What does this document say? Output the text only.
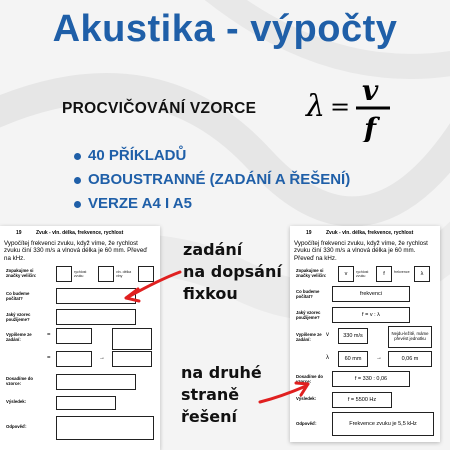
Akustika - výpočty
PROCVIČOVÁNÍ VZORCE λ = v
f
40 PŘÍKLADŮ
OBOUSTRANNÉ (ZADÁNÍ A ŘEŠENÍ)
VERZE A4 I A5
19	Zvuk - vln. délka, frekvence, rychlost
Vypočítej frekvenci zvuku, když víme, že rychlost zvuku činí 330 m/s a vlnová délka je 60 mm. Převeď na kHz.
Zopakujme si značky veličin:
rychlost zvuku
vln. délka vlny
Co budeme počítat?
Jaký vzorec použijeme?
Vypíšeme ze zadání:
=
=	→
Dosadíme do vzorce:
Výsledek:
Odpověď:
19	Zvuk - vln. délka, frekvence, rychlost
Vypočítej frekvenci zvuku, když víme, že rychlost zvuku činí 330 m/s a vlnová délka je 60 mm. Převeď na kHz.
Zopakujme si značky veličin:	v	rychlost zvuku	f	frekvence	λ
Co budeme počítat?	frekvenci
Jaký vzorec použijeme?	f = v : λ
Vypíšeme ze zadání:
v	330 m/s	Nejdu-ležitě, máme převést jednotku
λ	60 mm	→	0,06 m
Dosadíme do vzorce:	f = 330 : 0,06
Výsledek:	f = 5500 Hz
Odpověď:	Frekvence zvuku je 5,5 kHz
zadání
na dopsání
fixkou
na druhé
straně
řešení
